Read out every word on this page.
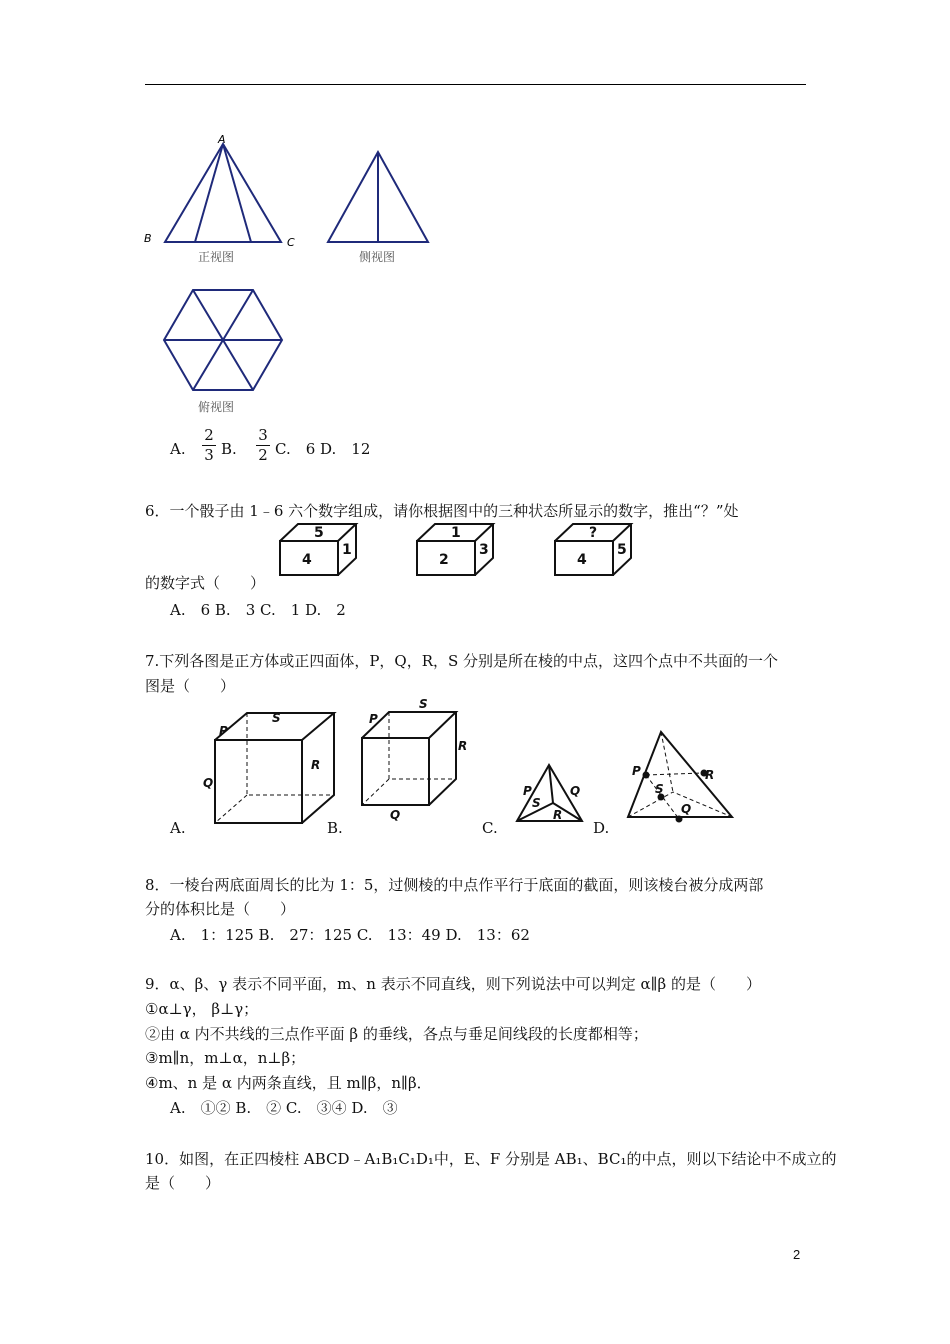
A
B	C
正视图	侧视图
俯视图
A.
2
3 B.
3
2 C.　6 D.　12
6．一个骰子由 1﹣6 六个数字组成，请你根据图中的三种状态所显示的数字，推出“？”处
5
4
1
1
2
3
?
4
5
的数字式（　　）
A.　6 B.　3 C.　1 D.　2
7.下列各图是正方体或正四面体，P，Q，R，S 分别是所在棱的中点，这四个点中不共面的一个
图是（　　）
P
S
R
Q
P
S
R
Q
P
S
Q
R
P	R
S
Q
A.	B.	C.	D.
8．一棱台两底面周长的比为 1：5，过侧棱的中点作平行于底面的截面，则该棱台被分成两部
分的体积比是（　　）
A.　1：125 B.　27：125 C.　13：49 D.　13：62
9．α、β、γ 表示不同平面，m、n 表示不同直线，则下列说法中可以判定 α∥β 的是（　　）
①α⊥γ， β⊥γ；
②由 α 内不共线的三点作平面 β 的垂线，各点与垂足间线段的长度都相等；
③m∥n，m⊥α，n⊥β；
④m、n 是 α 内两条直线，且 m∥β，n∥β．
A.　①② B.　② C.　③④ D.　③
10．如图，在正四棱柱 ABCD﹣A₁B₁C₁D₁中，E、F 分别是 AB₁、BC₁的中点，则以下结论中不成立的
是（　　）
2
